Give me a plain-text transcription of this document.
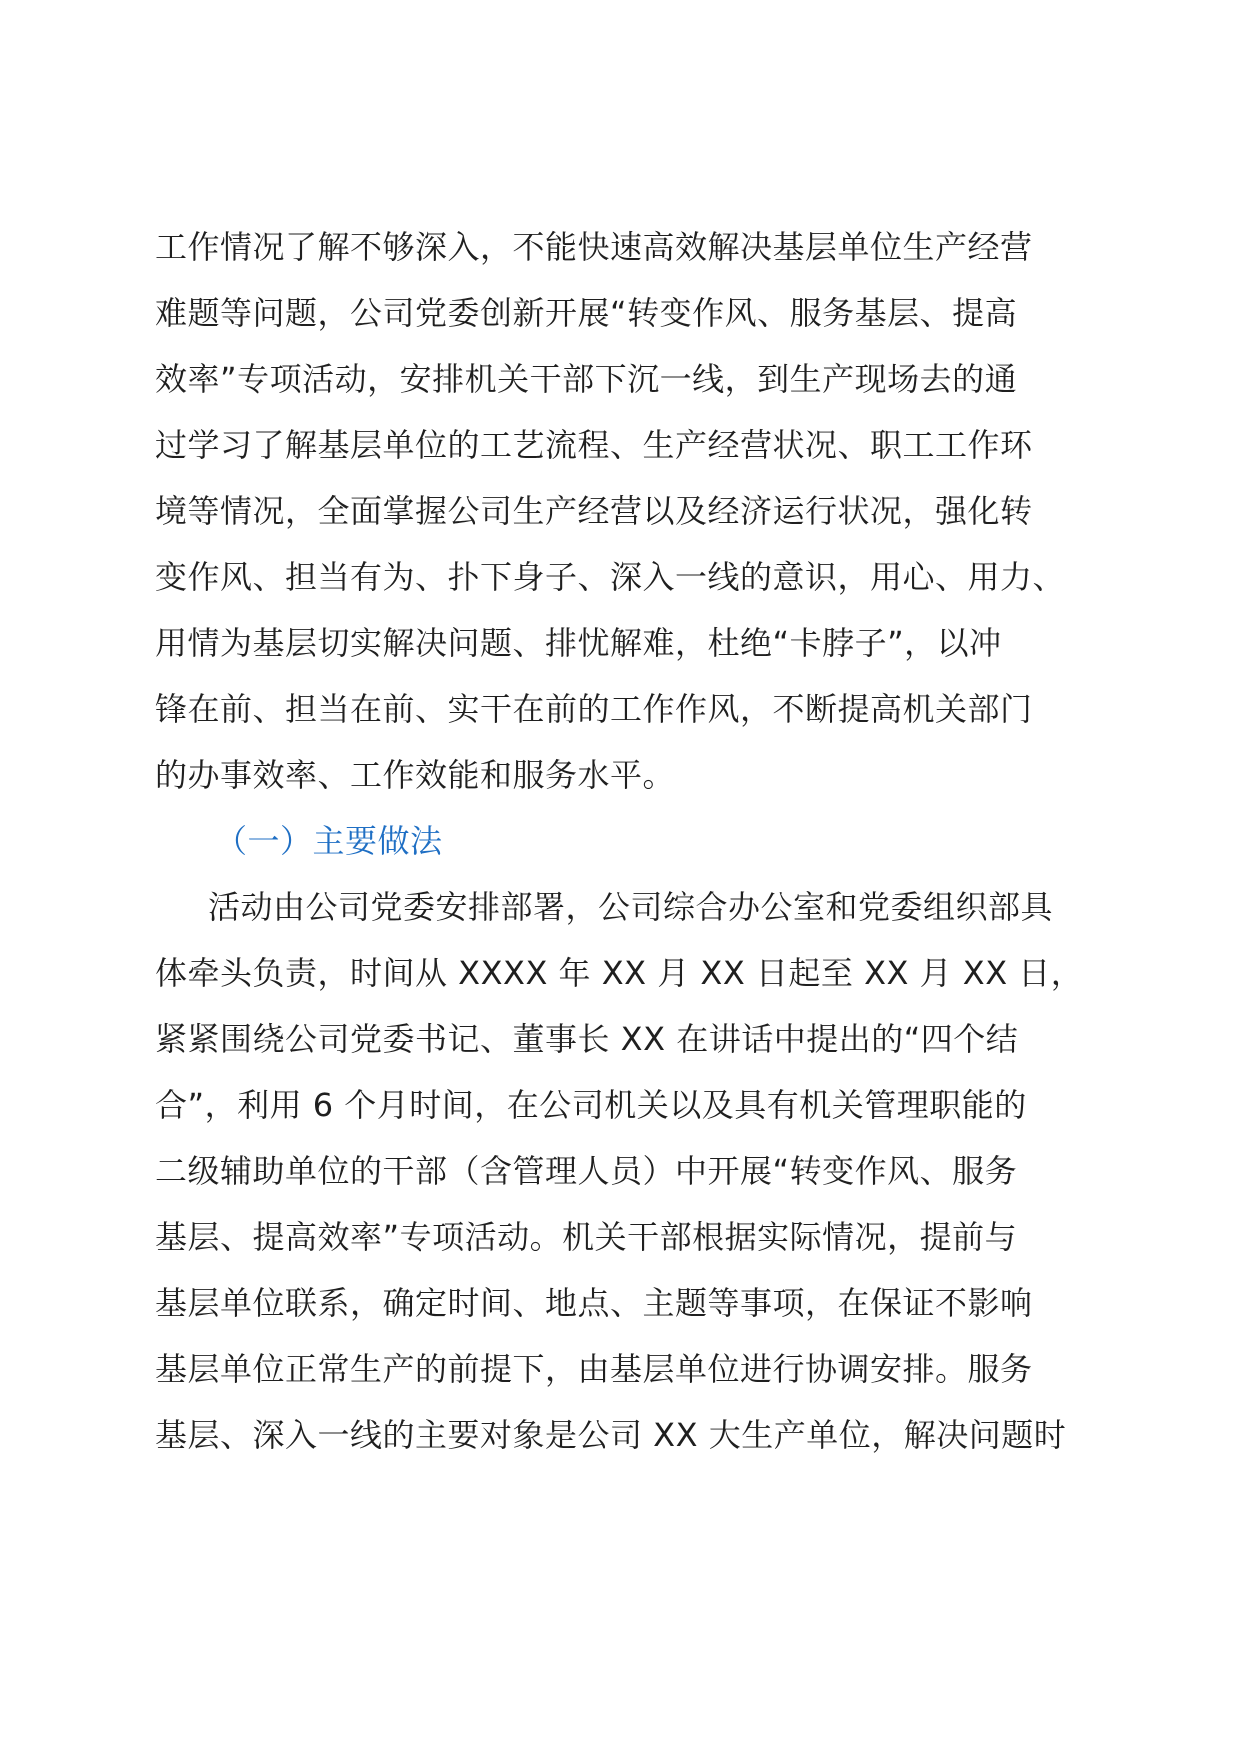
工作情况了解不够深入，不能快速高效解决基层单位生产经营
难题等问题，公司党委创新开展“转变作风、服务基层、提高
效率”专项活动，安排机关干部下沉一线，到生产现场去的通
过学习了解基层单位的工艺流程、生产经营状况、职工工作环
境等情况，全面掌握公司生产经营以及经济运行状况，强化转
变作风、担当有为、扑下身子、深入一线的意识，用心、用力、
用情为基层切实解决问题、排忧解难，杜绝“卡脖子”，以冲
锋在前、担当在前、实干在前的工作作风，不断提高机关部门
的办事效率、工作效能和服务水平。
（一）主要做法
活动由公司党委安排部署，公司综合办公室和党委组织部具
体牵头负责，时间从 XXXX 年 XX 月 XX 日起至 XX 月 XX 日，
紧紧围绕公司党委书记、董事长 XX 在讲话中提出的“四个结
合”，利用 6 个月时间，在公司机关以及具有机关管理职能的
二级辅助单位的干部（含管理人员）中开展“转变作风、服务
基层、提高效率”专项活动。机关干部根据实际情况，提前与
基层单位联系，确定时间、地点、主题等事项，在保证不影响
基层单位正常生产的前提下，由基层单位进行协调安排。服务
基层、深入一线的主要对象是公司 XX 大生产单位，解决问题时
